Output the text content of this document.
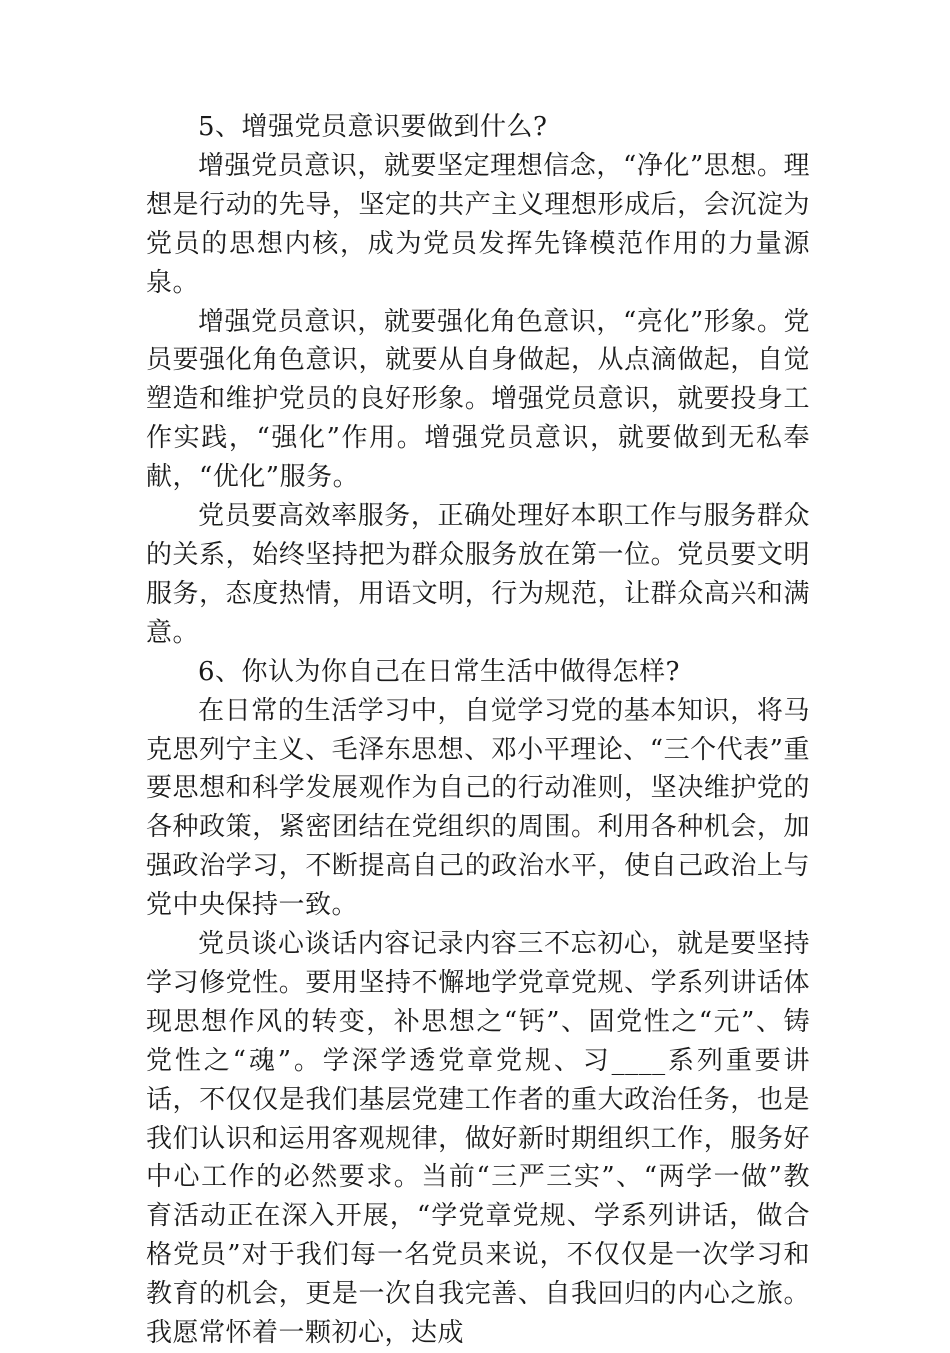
5、增强党员意识要做到什么?

增强党员意识，就要坚定理想信念，“净化”思想。理想是行动的先导，坚定的共产主义理想形成后，会沉淀为党员的思想内核，成为党员发挥先锋模范作用的力量源泉。

增强党员意识，就要强化角色意识，“亮化”形象。党员要强化角色意识，就要从自身做起，从点滴做起，自觉塑造和维护党员的良好形象。增强党员意识，就要投身工作实践，“强化”作用。增强党员意识，就要做到无私奉献，“优化”服务。

党员要高效率服务，正确处理好本职工作与服务群众的关系，始终坚持把为群众服务放在第一位。党员要文明服务，态度热情，用语文明，行为规范，让群众高兴和满意。

6、你认为你自己在日常生活中做得怎样?

在日常的生活学习中，自觉学习党的基本知识，将马克思列宁主义、毛泽东思想、邓小平理论、“三个代表”重要思想和科学发展观作为自己的行动准则，坚决维护党的各种政策，紧密团结在党组织的周围。利用各种机会，加强政治学习，不断提高自己的政治水平，使自己政治上与党中央保持一致。

党员谈心谈话内容记录内容三不忘初心，就是要坚持学习修党性。要用坚持不懈地学党章党规、学系列讲话体现思想作风的转变，补思想之“钙”、固党性之“元”、铸党性之“魂”。学深学透党章党规、习____系列重要讲话，不仅仅是我们基层党建工作者的重大政治任务，也是我们认识和运用客观规律，做好新时期组织工作，服务好中心工作的必然要求。当前“三严三实”、“两学一做”教育活动正在深入开展，“学党章党规、学系列讲话，做合格党员”对于我们每一名党员来说，不仅仅是一次学习和教育的机会，更是一次自我完善、自我回归的内心之旅。我愿常怀着一颗初心，达成
